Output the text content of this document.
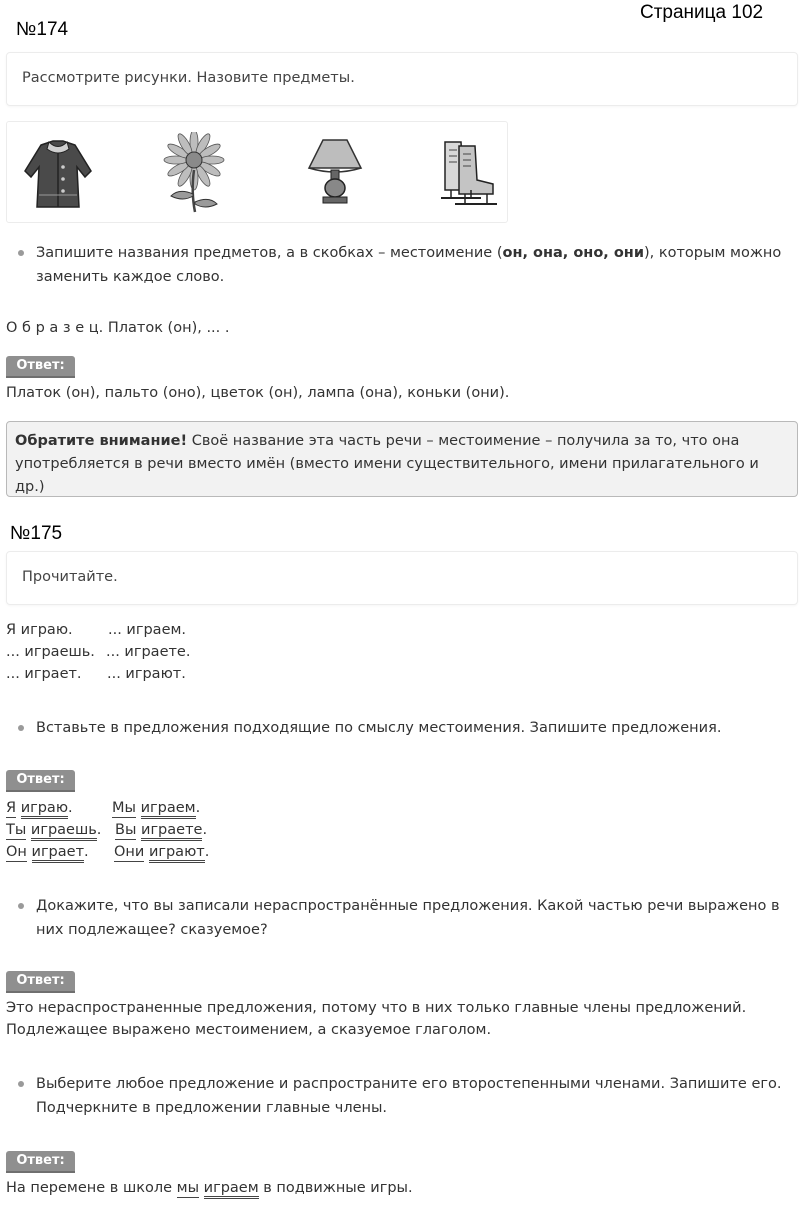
№174
Страница 102
Рассмотрите рисунки. Назовите предметы.
Запишите названия предметов, а в скобках – местоимение (он, она, оно, они), которым можно заменить каждое слово.
О б р а з е ц. Платок (он), ... .
Ответ:
Платок (он), пальто (оно), цветок (он), лампа (она), коньки (они).
Обратите внимание! Своё название эта часть речи – местоимение – получила за то, что она употребляется в речи вместо имён (вместо имени существительного, имени прилагательного и др.)
№175
Прочитайте.
Я играю. ... играем.
... играешь. ... играете.
... играет. ... играют.
Вставьте в предложения подходящие по смыслу местоимения. Запишите предложения.
Ответ:
Я играю.	Мы играем.
Ты играешь. Вы играете.
Он играет. Они играют.
Докажите, что вы записали нераспространённые предложения. Какой частью речи выражено в них подлежащее? сказуемое?
Ответ:
Это нераспространенные предложения, потому что в них только главные члены предложений.
Подлежащее выражено местоимением, а сказуемое глаголом.
Выберите любое предложение и распространите его второстепенными членами. Запишите его. Подчеркните в предложении главные члены.
Ответ:
На перемене в школе мы играем в подвижные игры.
